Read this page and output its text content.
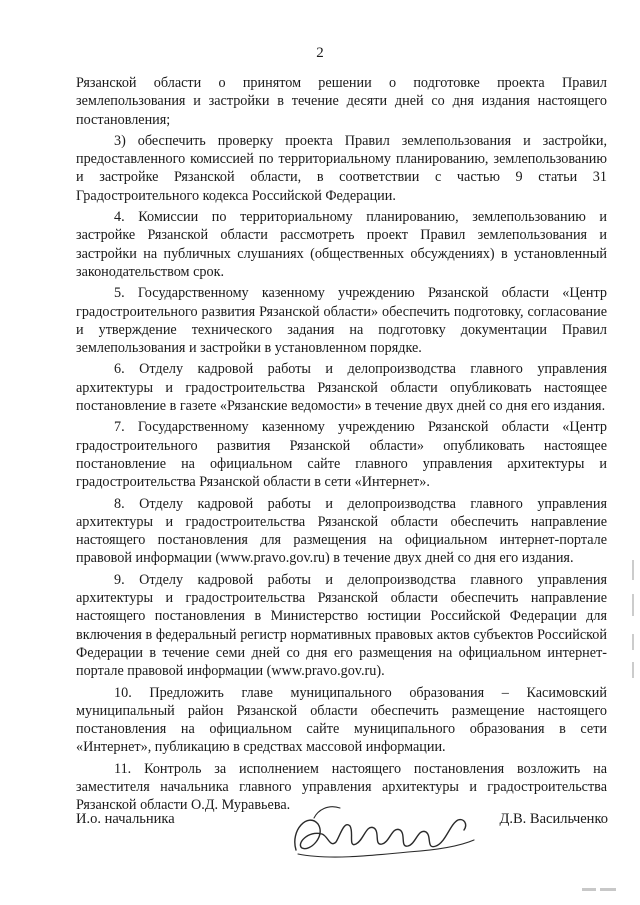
2

Рязанской области о принятом решении о подготовке проекта Правил землепользования и застройки в течение десяти дней со дня издания настоящего постановления;

3) обеспечить проверку проекта Правил землепользования и застройки, предоставленного комиссией по территориальному планированию, землепользованию и застройке Рязанской области, в соответствии с частью 9 статьи 31 Градостроительного кодекса Российской Федерации.

4. Комиссии по территориальному планированию, землепользованию и застройке Рязанской области рассмотреть проект Правил землепользования и застройки на публичных слушаниях (общественных обсуждениях) в установленный законодательством срок.

5. Государственному казенному учреждению Рязанской области «Центр градостроительного развития Рязанской области» обеспечить подготовку, согласование и утверждение технического задания на подготовку документации Правил землепользования и застройки в установленном порядке.

6. Отделу кадровой работы и делопроизводства главного управления архитектуры и градостроительства Рязанской области опубликовать настоящее постановление в газете «Рязанские ведомости» в течение двух дней со дня его издания.

7. Государственному казенному учреждению Рязанской области «Центр градостроительного развития Рязанской области» опубликовать настоящее постановление на официальном сайте главного управления архитектуры и градостроительства Рязанской области в сети «Интернет».

8. Отделу кадровой работы и делопроизводства главного управления архитектуры и градостроительства Рязанской области обеспечить направление настоящего постановления для размещения на официальном интернет-портале правовой информации (www.pravo.gov.ru) в течение двух дней со дня его издания.

9. Отделу кадровой работы и делопроизводства главного управления архитектуры и градостроительства Рязанской области обеспечить направление настоящего постановления в Министерство юстиции Российской Федерации для включения в федеральный регистр нормативных правовых актов субъектов Российской Федерации в течение семи дней со дня его размещения на официальном интернет-портале правовой информации (www.pravo.gov.ru).

10. Предложить главе муниципального образования – Касимовский муниципальный район Рязанской области обеспечить размещение настоящего постановления на официальном сайте муниципального образования в сети «Интернет», публикацию в средствах массовой информации.

11. Контроль за исполнением настоящего постановления возложить на заместителя начальника главного управления архитектуры и градостроительства Рязанской области О.Д. Муравьева.

И.о. начальника	Д.В. Васильченко
